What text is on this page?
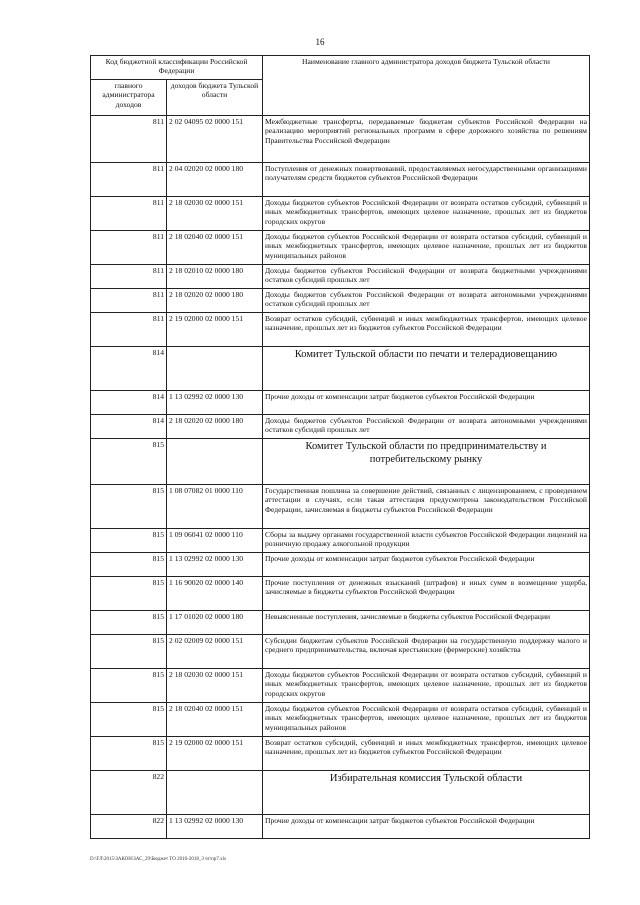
16
Код бюджетной классификации Российской Федерации		Наименование главного администратора доходов бюджета Тульской области
главного администратора доходов	доходов бюджета Тульской области	
811	2 02 04095 02 0000 151	Межбюджетные трансферты, передаваемые бюджетам субъектов Российской Федерации на реализацию мероприятий региональных программ в сфере дорожного хозяйства по решениям Правительства Российской Федерации
811	2 04 02020 02 0000 180	Поступления от денежных пожертвований, предоставляемых негосударственными организациями получателям средств бюджетов субъектов Российской Федерации
811	2 18 02030 02 0000 151	Доходы бюджетов субъектов Российской Федерации от возврата остатков субсидий, субвенций и иных межбюджетных трансфертов, имеющих целевое назначение, прошлых лет из бюджетов городских округов
811	2 18 02040 02 0000 151	Доходы бюджетов субъектов Российской Федерации от возврата остатков субсидий, субвенций и иных межбюджетных трансфертов, имеющих целевое назначение, прошлых лет из бюджетов муниципальных районов
811	2 18 02010 02 0000 180	Доходы бюджетов субъектов Российской Федерации от возврата бюджетными учреждениями остатков субсидий прошлых лет
811	2 18 02020 02 0000 180	Доходы бюджетов субъектов Российской Федерации от возврата автономными учреждениями остатков субсидий прошлых лет
811	2 19 02000 02 0000 151	Возврат остатков субсидий, субвенций и иных межбюджетных трансфертов, имеющих целевое назначение, прошлых лет из бюджетов субъектов Российской Федерации
814		Комитет Тульской области по печати и телерадиовещанию
814	1 13 02992 02 0000 130	Прочие доходы от компенсации затрат бюджетов субъектов Российской Федерации
814	2 18 02020 02 0000 180	Доходы бюджетов субъектов Российской Федерации от возврата автономными учреждениями остатков субсидий прошлых лет
815		Комитет Тульской области по предпринимательству и потребительскому рынку
815	1 08 07082 01 0000 110	Государственная пошлина за совершение действий, связанных с лицензированием, с проведением аттестации в случаях, если такая аттестация предусмотрена законодательством Российской Федерации, зачисляемая в бюджеты субъектов Российской Федерации
815	1 09 06041 02 0000 110	Сборы за выдачу органами государственной власти субъектов Российской Федерации лицензий на розничную продажу алкогольной продукции
815	1 13 02992 02 0000 130	Прочие доходы от компенсации затрат бюджетов субъектов Российской Федерации
815	1 16 90020 02 0000 140	Прочие поступления от денежных взысканий (штрафов) и иных сумм в возмещение ущерба, зачисляемые в бюджеты субъектов Российской Федерации
815	1 17 01020 02 0000 180	Невыясненные поступления, зачисляемые в бюджеты субъектов Российской Федерации
815	2 02 02009 02 0000 151	Субсидии бюджетам субъектов Российской Федерации на государственную поддержку малого и среднего предпринимательства, включая крестьянские (фермерские) хозяйства
815	2 18 02030 02 0000 151	Доходы бюджетов субъектов Российской Федерации от возврата остатков субсидий, субвенций и иных межбюджетных трансфертов, имеющих целевое назначение, прошлых лет из бюджетов городских округов
815	2 18 02040 02 0000 151	Доходы бюджетов субъектов Российской Федерации от возврата остатков субсидий, субвенций и иных межбюджетных трансфертов, имеющих целевое назначение, прошлых лет из бюджетов муниципальных районов
815	2 19 02000 02 0000 151	Возврат остатков субсидий, субвенций и иных межбюджетных трансфертов, имеющих целевое назначение, прошлых лет из бюджетов субъектов Российской Федерации
822		Избирательная комиссия Тульской области
822	1 13 02992 02 0000 130	Прочие доходы от компенсации затрат бюджетов субъектов Российской Федерации
D:\FЛ\2015\ЗАКОН\ЗАС_29\Бюджет ТО 2016-2018_3 чт\пр7.xls
